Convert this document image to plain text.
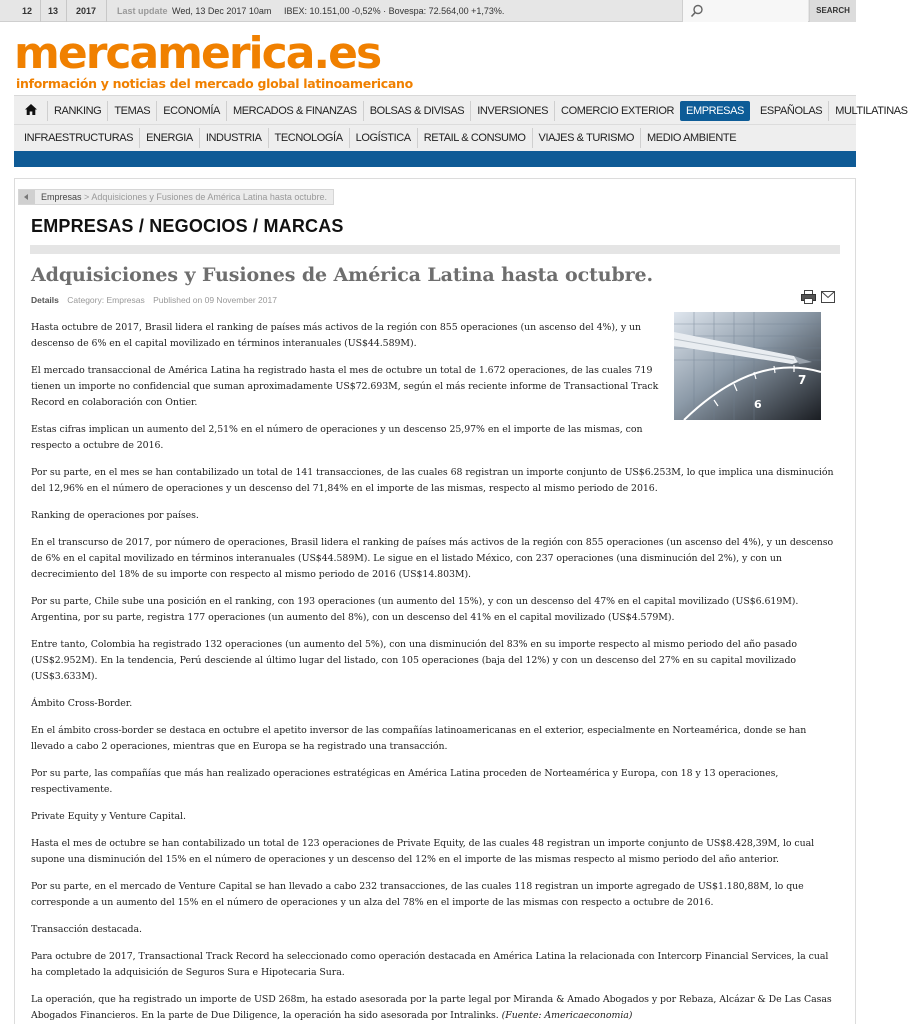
12	13	2017	Last update Wed, 13 Dec 2017 10am IBEX: 10.151,00 -0,52% · Bovespa: 72.564,00 +1,73%.	SEARCH
mercamerica.es
información y noticias del mercado global latinoamericano
RANKING	TEMAS	ECONOMÍA	MERCADOS & FINANZAS	BOLSAS & DIVISAS	INVERSIONES	COMERCIO EXTERIOR	EMPRESAS	ESPAÑOLAS	MULTILATINAS
INFRAESTRUCTURAS	ENERGIA	INDUSTRIA	TECNOLOGÍA	LOGÍSTICA	RETAIL & CONSUMO	VIAJES & TURISMO	MEDIO AMBIENTE
Empresas > Adquisiciones y Fusiones de América Latina hasta octubre.
EMPRESAS / NEGOCIOS / MARCAS
Adquisiciones y Fusiones de América Latina hasta octubre.
Details Category: Empresas Published on 09 November 2017
7
6

Hasta octubre de 2017, Brasil lidera el ranking de países más activos de la región con 855 operaciones (un ascenso del 4%), y un descenso de 6% en el capital movilizado en términos interanuales (US$44.589M).

El mercado transaccional de América Latina ha registrado hasta el mes de octubre un total de 1.672 operaciones, de las cuales 719 tienen un importe no confidencial que suman aproximadamente US$72.693M, según el más reciente informe de Transactional Track Record en colaboración con Ontier.

Estas cifras implican un aumento del 2,51% en el número de operaciones y un descenso 25,97% en el importe de las mismas, con respecto a octubre de 2016.

Por su parte, en el mes se han contabilizado un total de 141 transacciones, de las cuales 68 registran un importe conjunto de US$6.253M, lo que implica una disminución del 12,96% en el número de operaciones y un descenso del 71,84% en el importe de las mismas, respecto al mismo periodo de 2016.

Ranking de operaciones por países.

En el transcurso de 2017, por número de operaciones, Brasil lidera el ranking de países más activos de la región con 855 operaciones (un ascenso del 4%), y un descenso de 6% en el capital movilizado en términos interanuales (US$44.589M). Le sigue en el listado México, con 237 operaciones (una disminución del 2%), y con un decrecimiento del 18% de su importe con respecto al mismo periodo de 2016 (US$14.803M).

Por su parte, Chile sube una posición en el ranking, con 193 operaciones (un aumento del 15%), y con un descenso del 47% en el capital movilizado (US$6.619M). Argentina, por su parte, registra 177 operaciones (un aumento del 8%), con un descenso del 41% en el capital movilizado (US$4.579M).

Entre tanto, Colombia ha registrado 132 operaciones (un aumento del 5%), con una disminución del 83% en su importe respecto al mismo periodo del año pasado (US$2.952M). En la tendencia, Perú desciende al último lugar del listado, con 105 operaciones (baja del 12%) y con un descenso del 27% en su capital movilizado (US$3.633M).

Ámbito Cross-Border.

En el ámbito cross-border se destaca en octubre el apetito inversor de las compañías latinoamericanas en el exterior, especialmente en Norteamérica, donde se han llevado a cabo 2 operaciones, mientras que en Europa se ha registrado una transacción.

Por su parte, las compañías que más han realizado operaciones estratégicas en América Latina proceden de Norteamérica y Europa, con 18 y 13 operaciones, respectivamente.

Private Equity y Venture Capital.

Hasta el mes de octubre se han contabilizado un total de 123 operaciones de Private Equity, de las cuales 48 registran un importe conjunto de US$8.428,39M, lo cual supone una disminución del 15% en el número de operaciones y un descenso del 12% en el importe de las mismas respecto al mismo periodo del año anterior.

Por su parte, en el mercado de Venture Capital se han llevado a cabo 232 transacciones, de las cuales 118 registran un importe agregado de US$1.180,88M, lo que corresponde a un aumento del 15% en el número de operaciones y un alza del 78% en el importe de las mismas con respecto a octubre de 2016.

Transacción destacada.

Para octubre de 2017, Transactional Track Record ha seleccionado como operación destacada en América Latina la relacionada con Intercorp Financial Services, la cual ha completado la adquisición de Seguros Sura e Hipotecaria Sura.

La operación, que ha registrado un importe de USD 268m, ha estado asesorada por la parte legal por Miranda & Amado Abogados y por Rebaza, Alcázar & De Las Casas Abogados Financieros. En la parte de Due Diligence, la operación ha sido asesorada por Intralinks. (Fuente: Americaeconomia)
